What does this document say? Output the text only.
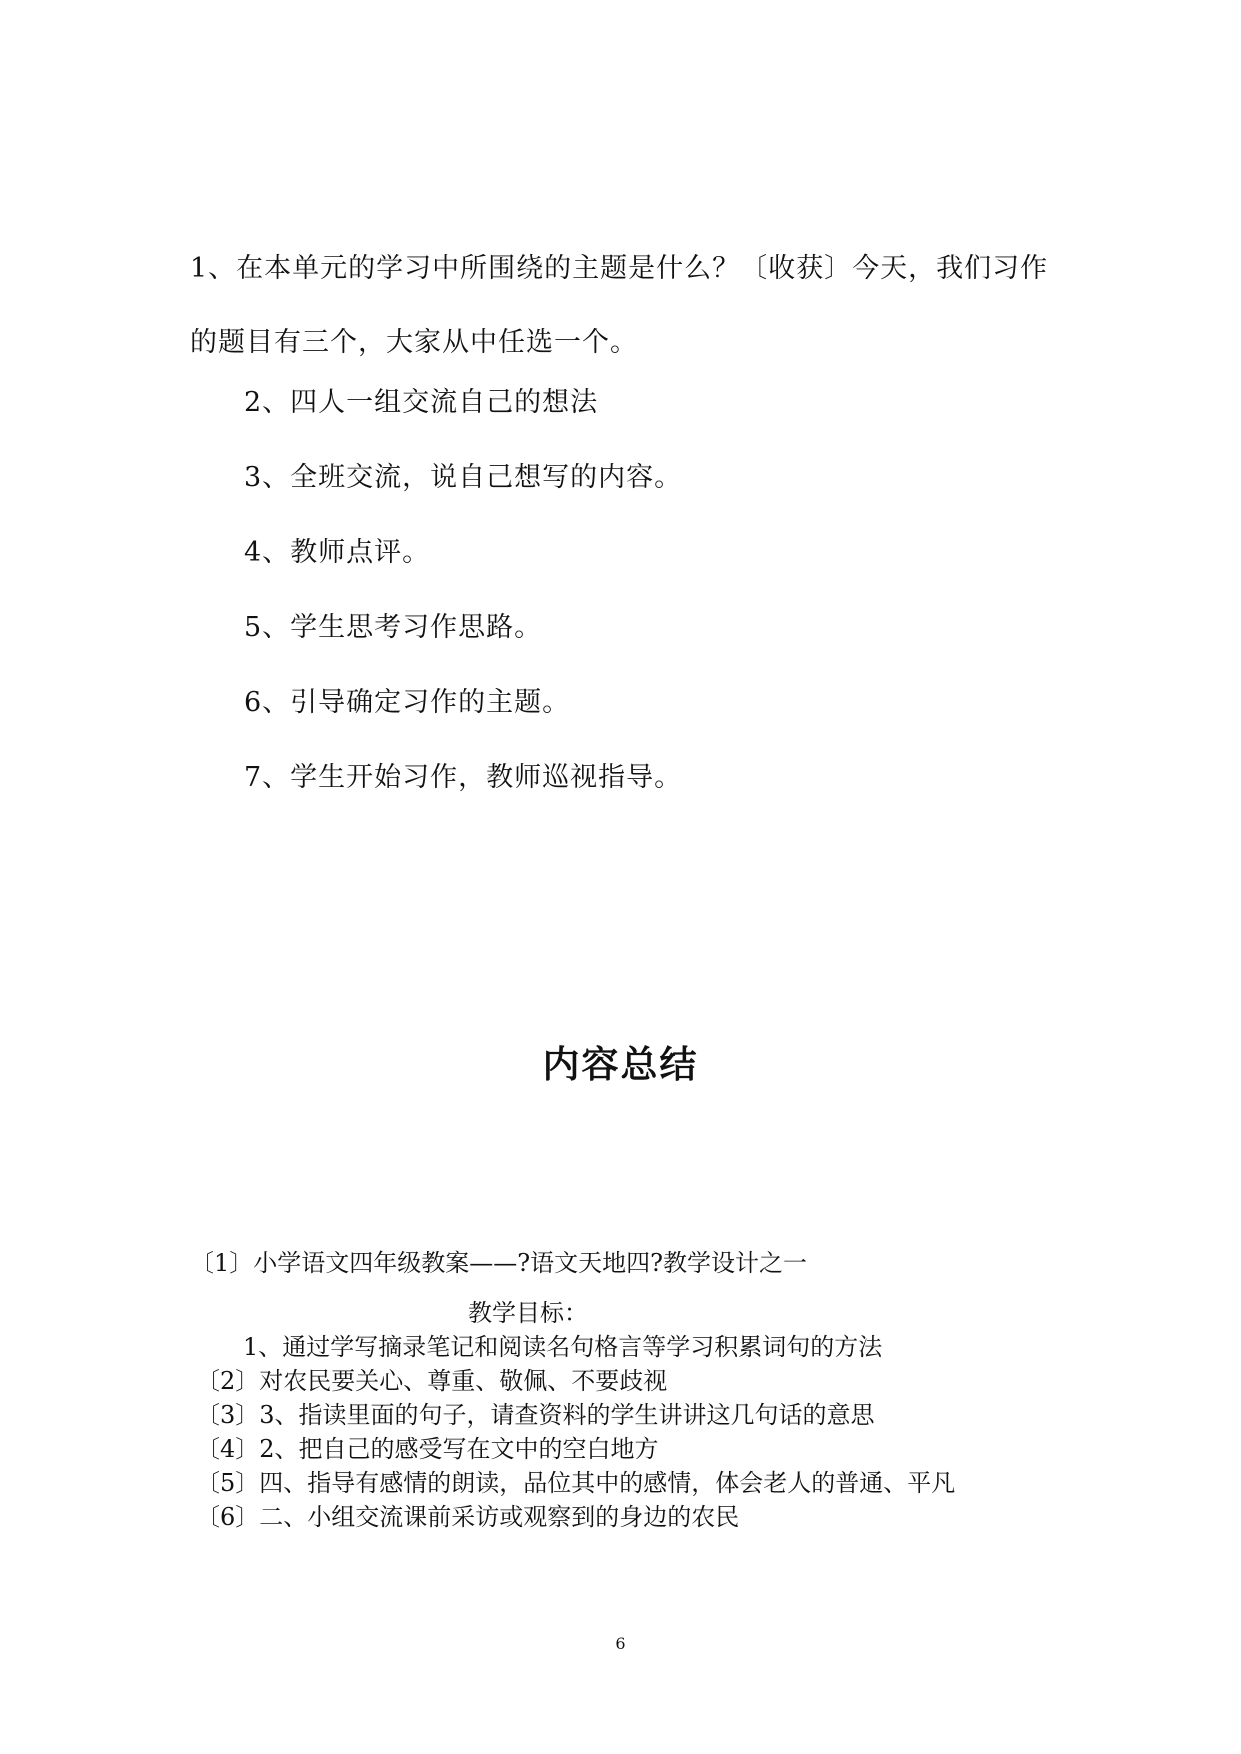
1、在本单元的学习中所围绕的主题是什么？〔收获〕今天，我们习作的题目有三个，大家从中任选一个。
2、四人一组交流自己的想法
3、全班交流，说自己想写的内容。
4、教师点评。
5、学生思考习作思路。
6、引导确定习作的主题。
7、学生开始习作，教师巡视指导。
内容总结
〔1〕小学语文四年级教案——?语文天地四?教学设计之一
教学目标：
1、通过学写摘录笔记和阅读名句格言等学习积累词句的方法
〔2〕对农民要关心、尊重、敬佩、不要歧视
〔3〕3、指读里面的句子，请查资料的学生讲讲这几句话的意思
〔4〕2、把自己的感受写在文中的空白地方
〔5〕四、指导有感情的朗读，品位其中的感情，体会老人的普通、平凡
〔6〕二、小组交流课前采访或观察到的身边的农民
6
